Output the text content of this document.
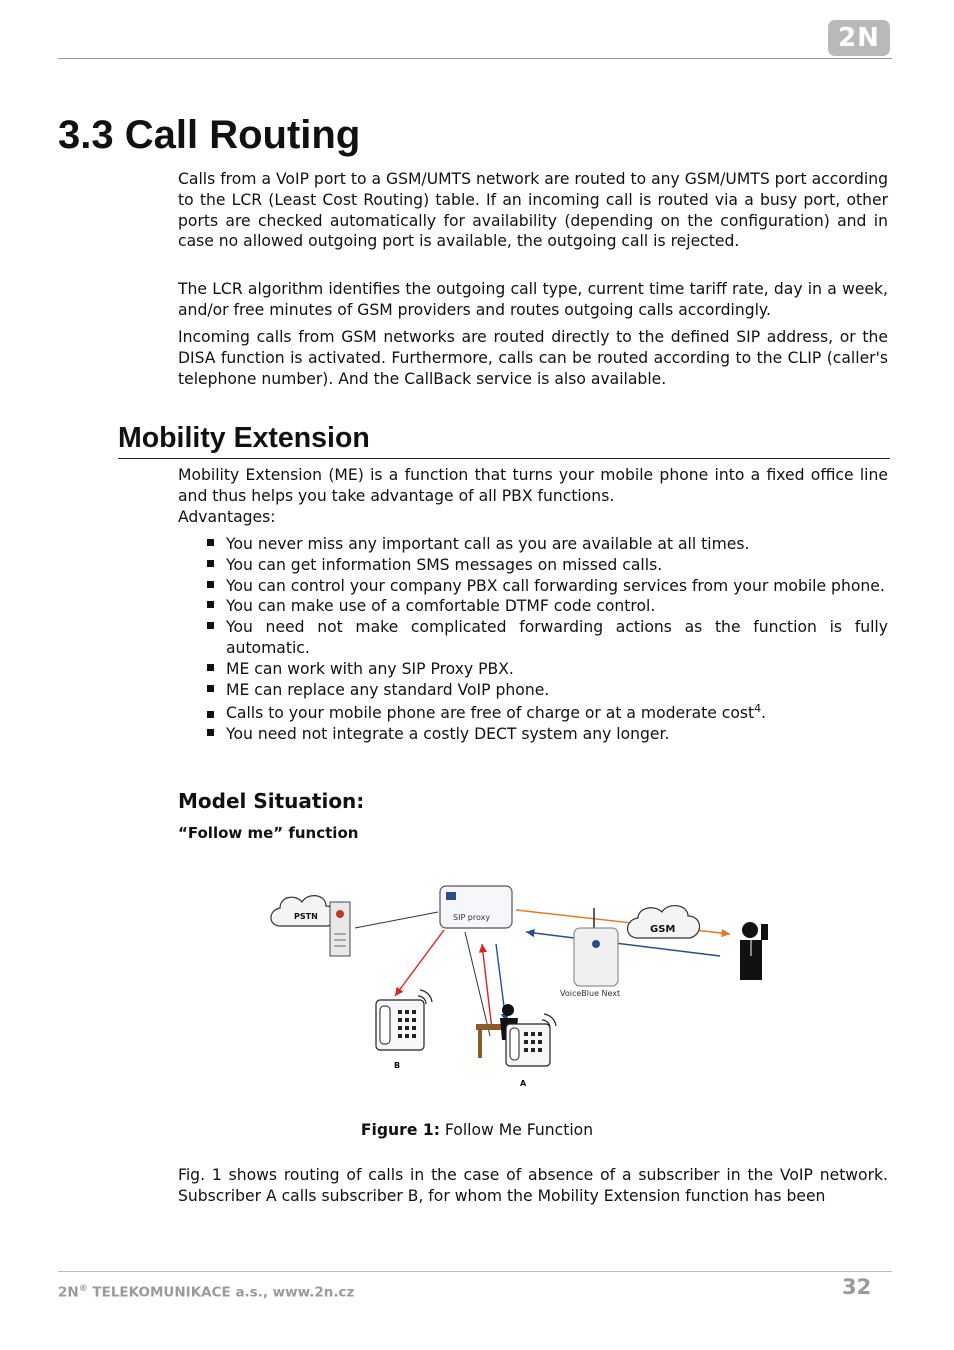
2N
3.3 Call Routing

Calls from a VoIP port to a GSM/UMTS network are routed to any GSM/UMTS port according to the LCR (Least Cost Routing) table. If an incoming call is routed via a busy port, other ports are checked automatically for availability (depending on the configuration) and in case no allowed outgoing port is available, the outgoing call is rejected.

The LCR algorithm identifies the outgoing call type, current time tariff rate, day in a week, and/or free minutes of GSM providers and routes outgoing calls accordingly.

Incoming calls from GSM networks are routed directly to the defined SIP address, or the DISA function is activated. Furthermore, calls can be routed according to the CLIP (caller's telephone number). And the CallBack service is also available.

Mobility Extension

Mobility Extension (ME) is a function that turns your mobile phone into a fixed office line and thus helps you take advantage of all PBX functions.

Advantages:

You never miss any important call as you are available at all times.
You can get information SMS messages on missed calls.
You can control your company PBX call forwarding services from your mobile phone.
You can make use of a comfortable DTMF code control.
You need not make complicated forwarding actions as the function is fully automatic.
ME can work with any SIP Proxy PBX.
ME can replace any standard VoIP phone.
Calls to your mobile phone are free of charge or at a moderate cost$^4$.
You need not integrate a costly DECT system any longer.
Model Situation:

“Follow me” function

PSTN	SIP proxy
GSM
VoiceBlue Next
B
A

Figure 1: Follow Me Function

Fig. 1 shows routing of calls in the case of absence of a subscriber in the VoIP network. Subscriber A calls subscriber B, for whom the Mobility Extension function has been

2N® TELEKOMUNIKACE a.s., www.2n.cz	32
